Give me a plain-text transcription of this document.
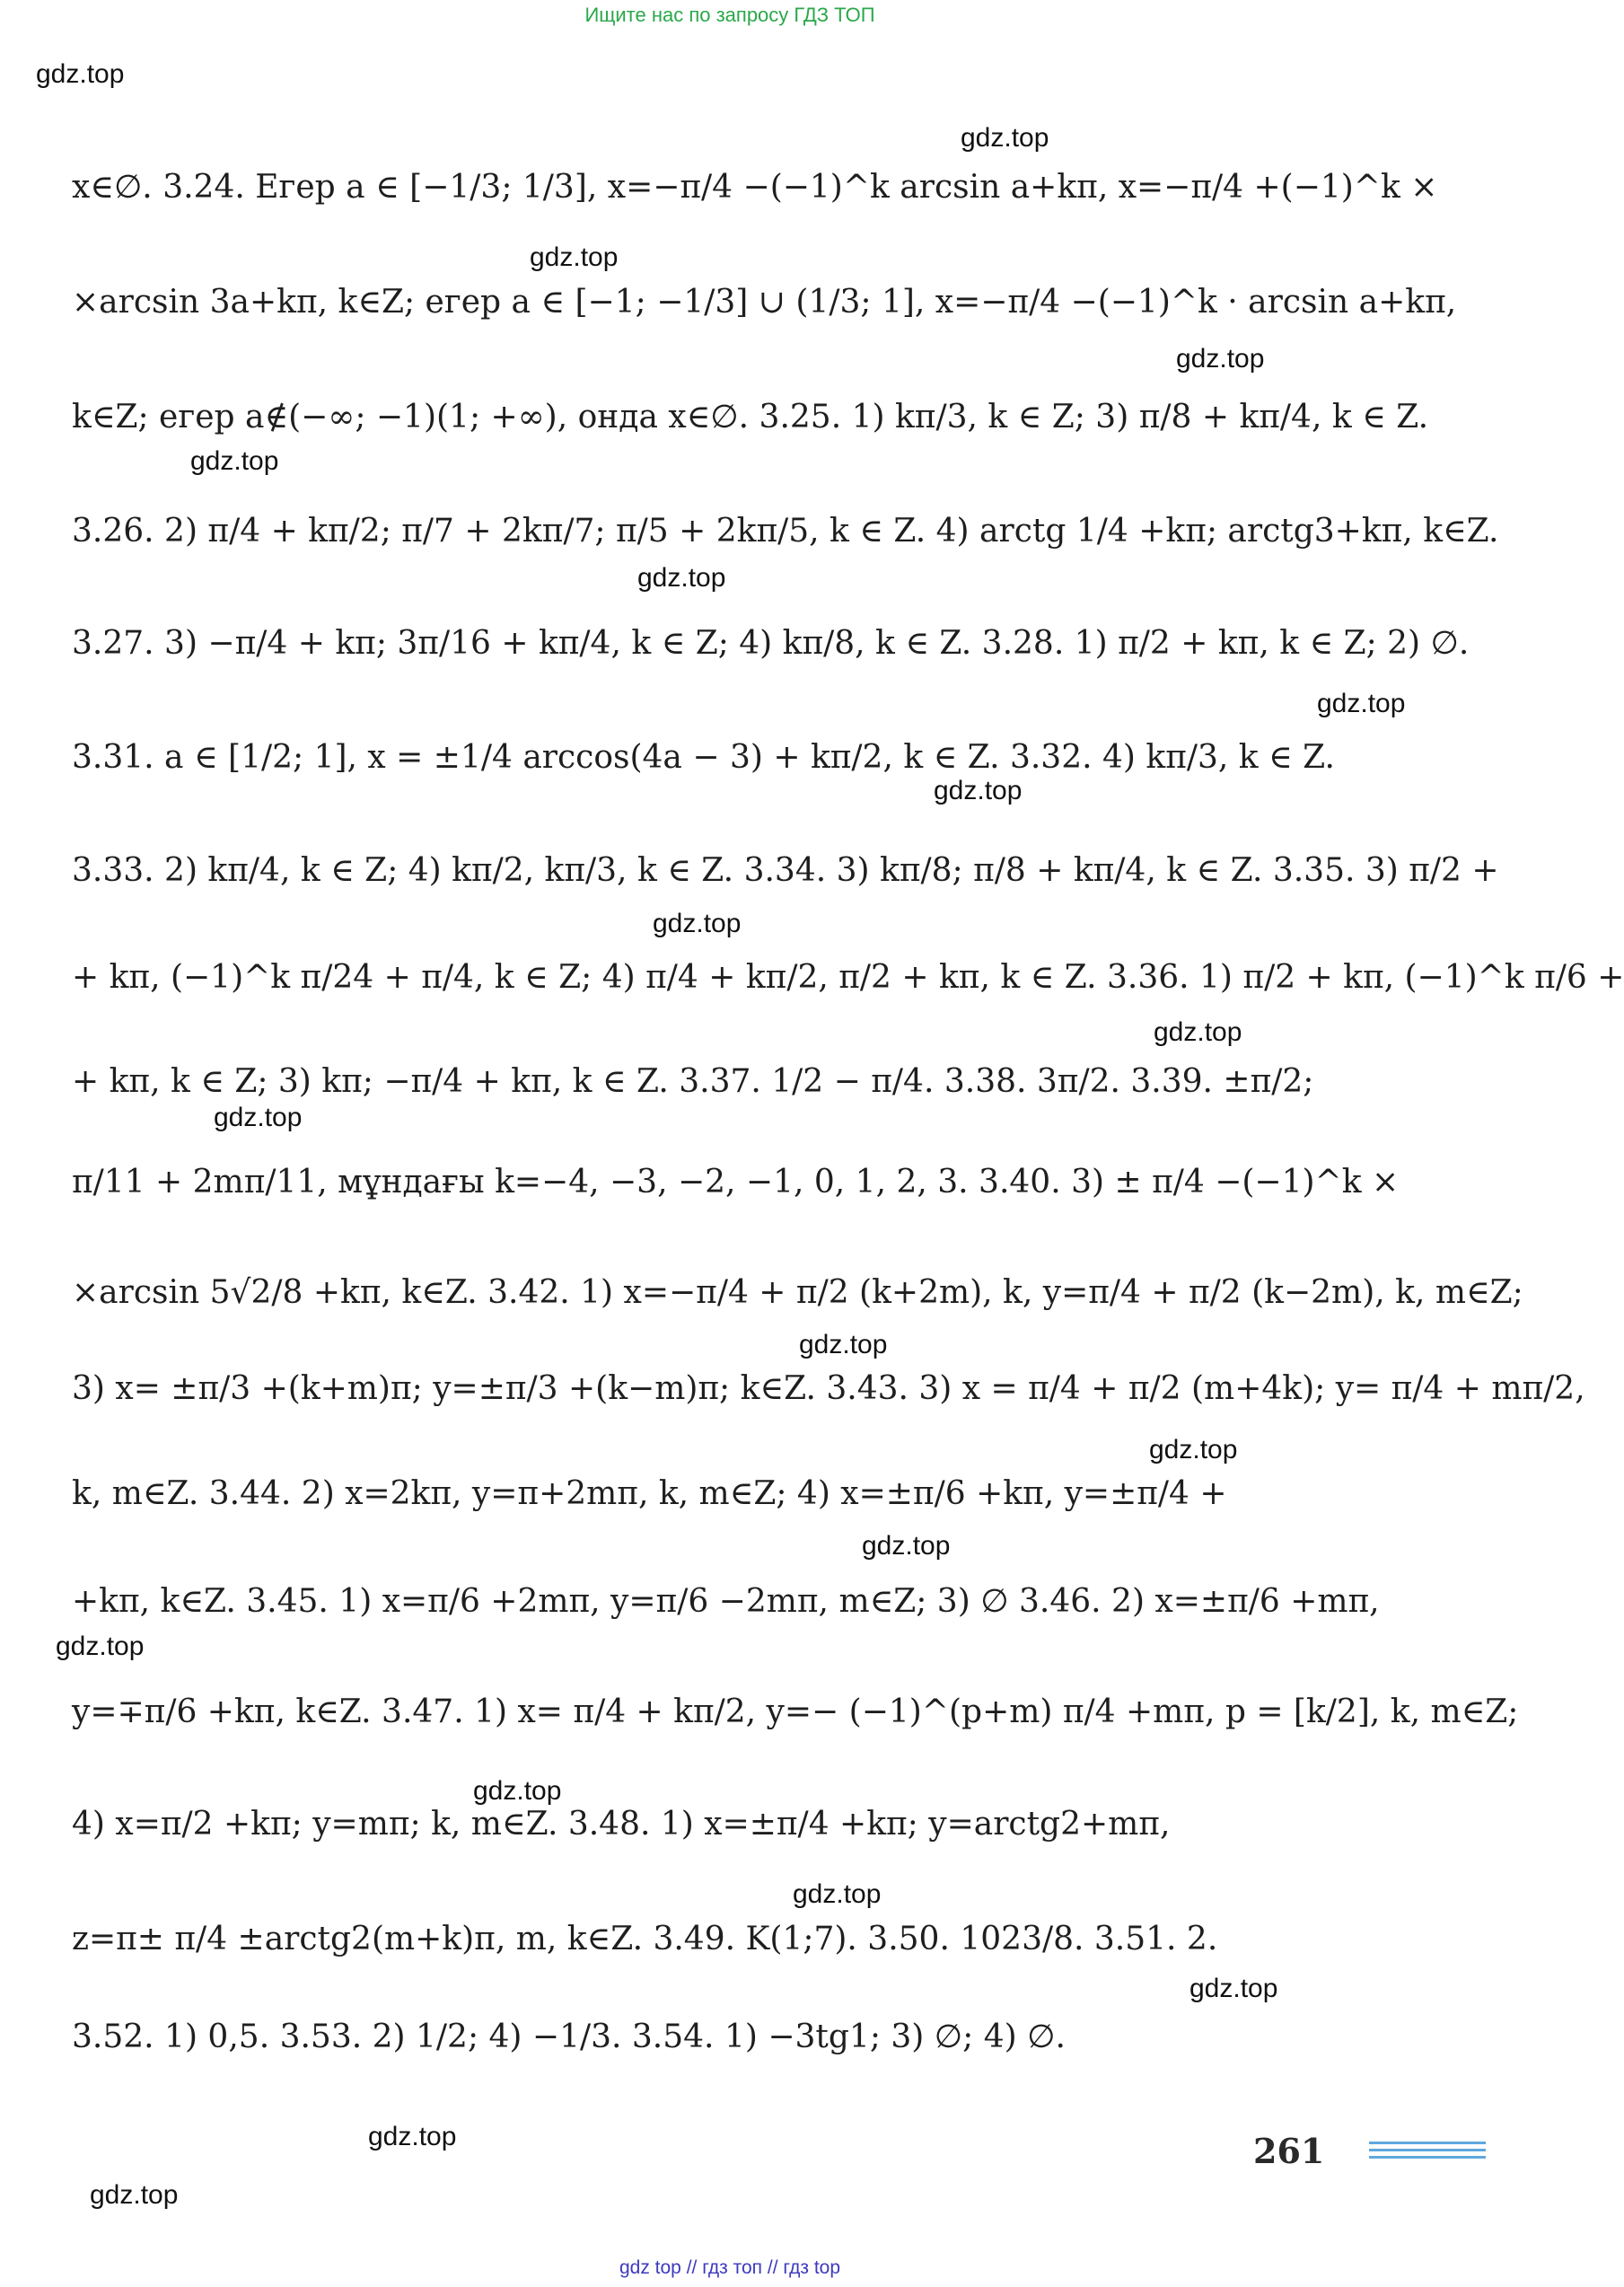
Ищите нас по запросу ГДЗ ТОП
gdz.top
gdz.top
gdz.top
gdz.top
gdz.top
gdz.top
gdz.top
gdz.top
gdz.top
gdz.top
gdz.top
gdz.top
gdz.top
gdz.top
gdz.top
gdz.top
gdz.top
gdz.top
gdz.top
gdz.top
x∈∅. 3.24. Егер a ∈ [−1/3; 1/3], x=−π/4 −(−1)^k arcsin a+kπ, x=−π/4 +(−1)^k ×
×arcsin 3a+kπ, k∈Z; егер a ∈ [−1; −1/3] ∪ (1/3; 1], x=−π/4 −(−1)^k · arcsin a+kπ,
k∈Z; егер a∉(−∞; −1)(1; +∞), онда x∈∅. 3.25. 1) kπ/3, k ∈ Z; 3) π/8 + kπ/4, k ∈ Z.
3.26. 2) π/4 + kπ/2; π/7 + 2kπ/7; π/5 + 2kπ/5, k ∈ Z. 4) arctg 1/4 +kπ; arctg3+kπ, k∈Z.
3.27. 3) −π/4 + kπ; 3π/16 + kπ/4, k ∈ Z; 4) kπ/8, k ∈ Z. 3.28. 1) π/2 + kπ, k ∈ Z; 2) ∅.
3.31. a ∈ [1/2; 1], x = ±1/4 arccos(4a − 3) + kπ/2, k ∈ Z. 3.32. 4) kπ/3, k ∈ Z.
3.33. 2) kπ/4, k ∈ Z; 4) kπ/2, kπ/3, k ∈ Z. 3.34. 3) kπ/8; π/8 + kπ/4, k ∈ Z. 3.35. 3) π/2 +
+ kπ, (−1)^k π/24 + π/4, k ∈ Z; 4) π/4 + kπ/2, π/2 + kπ, k ∈ Z. 3.36. 1) π/2 + kπ, (−1)^k π/6 +
+ kπ, k ∈ Z; 3) kπ; −π/4 + kπ, k ∈ Z. 3.37. 1/2 − π/4. 3.38. 3π/2. 3.39. ±π/2;
π/11 + 2mπ/11, мұндағы k=−4, −3, −2, −1, 0, 1, 2, 3. 3.40. 3) ± π/4 −(−1)^k ×
×arcsin 5√2/8 +kπ, k∈Z. 3.42. 1) x=−π/4 + π/2 (k+2m), k, y=π/4 + π/2 (k−2m), k, m∈Z;
3) x= ±π/3 +(k+m)π; y=±π/3 +(k−m)π; k∈Z. 3.43. 3) x = π/4 + π/2 (m+4k); y= π/4 + mπ/2,
k, m∈Z. 3.44. 2) x=2kπ, y=π+2mπ, k, m∈Z; 4) x=±π/6 +kπ, y=±π/4 +
+kπ, k∈Z. 3.45. 1) x=π/6 +2mπ, y=π/6 −2mπ, m∈Z; 3) ∅ 3.46. 2) x=±π/6 +mπ,
y=∓π/6 +kπ, k∈Z. 3.47. 1) x= π/4 + kπ/2, y=− (−1)^(p+m) π/4 +mπ, p = [k/2], k, m∈Z;
4) x=π/2 +kπ; y=mπ; k, m∈Z. 3.48. 1) x=±π/4 +kπ; y=arctg2+mπ,
z=π± π/4 ±arctg2(m+k)π, m, k∈Z. 3.49. K(1;7). 3.50. 1023/8. 3.51. 2.
3.52. 1) 0,5. 3.53. 2) 1/2; 4) −1/3. 3.54. 1) −3tg1; 3) ∅; 4) ∅.
261
gdz top // гдз топ // гдз top
